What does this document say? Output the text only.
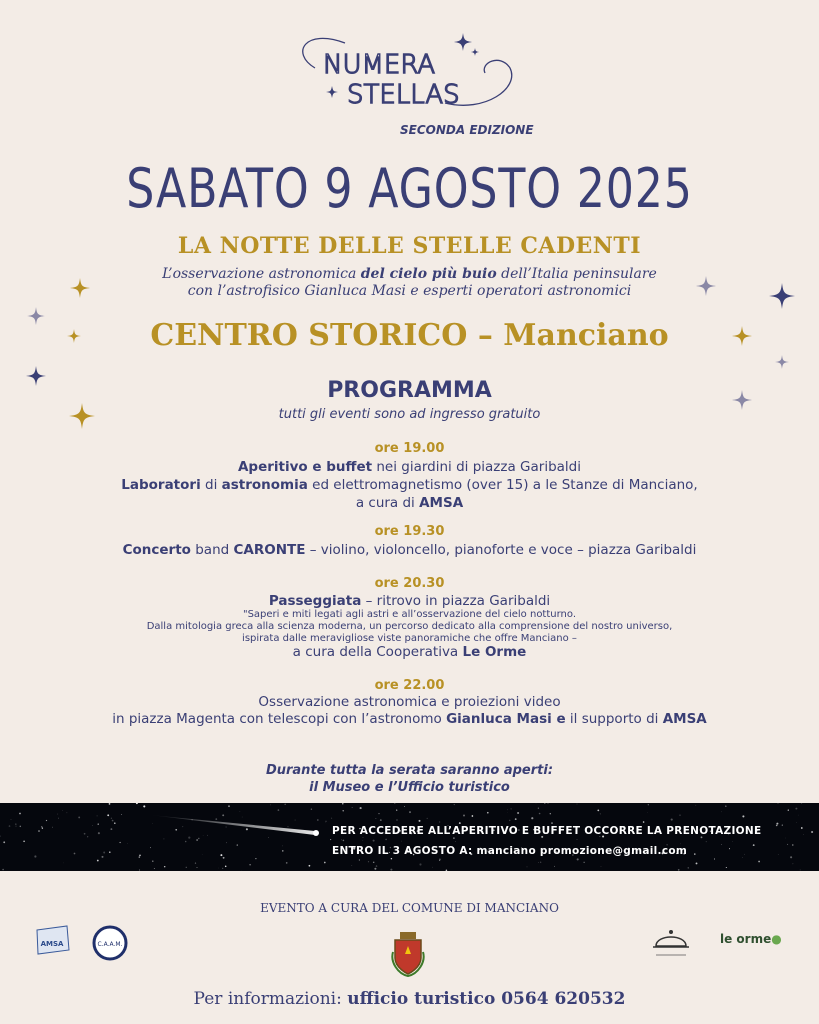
NUMERA
STELLAS
SECONDA EDIZIONE
SABATO 9 AGOSTO 2025
LA NOTTE DELLE STELLE CADENTI
L’osservazione astronomica del cielo più buio dell’Italia peninsulare
con l’astrofisico Gianluca Masi e esperti operatori astronomici
CENTRO STORICO – Manciano
PROGRAMMA
tutti gli eventi sono ad ingresso gratuito
ore 19.00
Aperitivo e buffet nei giardini di piazza Garibaldi
Laboratori di astronomia ed elettromagnetismo (over 15) a le Stanze di Manciano,
a cura di AMSA
ore 19.30
Concerto band CARONTE – violino, violoncello, pianoforte e voce – piazza Garibaldi
ore 20.30
Passeggiata – ritrovo in piazza Garibaldi
"Saperi e miti legati agli astri e all’osservazione del cielo notturno.
Dalla mitologia greca alla scienza moderna, un percorso dedicato alla comprensione del nostro universo,
ispirata dalle meravigliose viste panoramiche che offre Manciano –
a cura della Cooperativa Le Orme
ore 22.00
Osservazione astronomica e proiezioni video
in piazza Magenta con telescopi con l’astronomo Gianluca Masi e il supporto di AMSA
Durante tutta la serata saranno aperti:
il Museo e l’Ufficio turistico
PER ACCEDERE ALL’APERITIVO E BUFFET OCCORRE LA PRENOTAZIONE
ENTRO IL 3 AGOSTO A: manciano promozione@gmail.com
EVENTO A CURA DEL COMUNE DI MANCIANO
AMSA	C.A.A.M.	le orme●
Per informazioni: ufficio turistico 0564 620532
